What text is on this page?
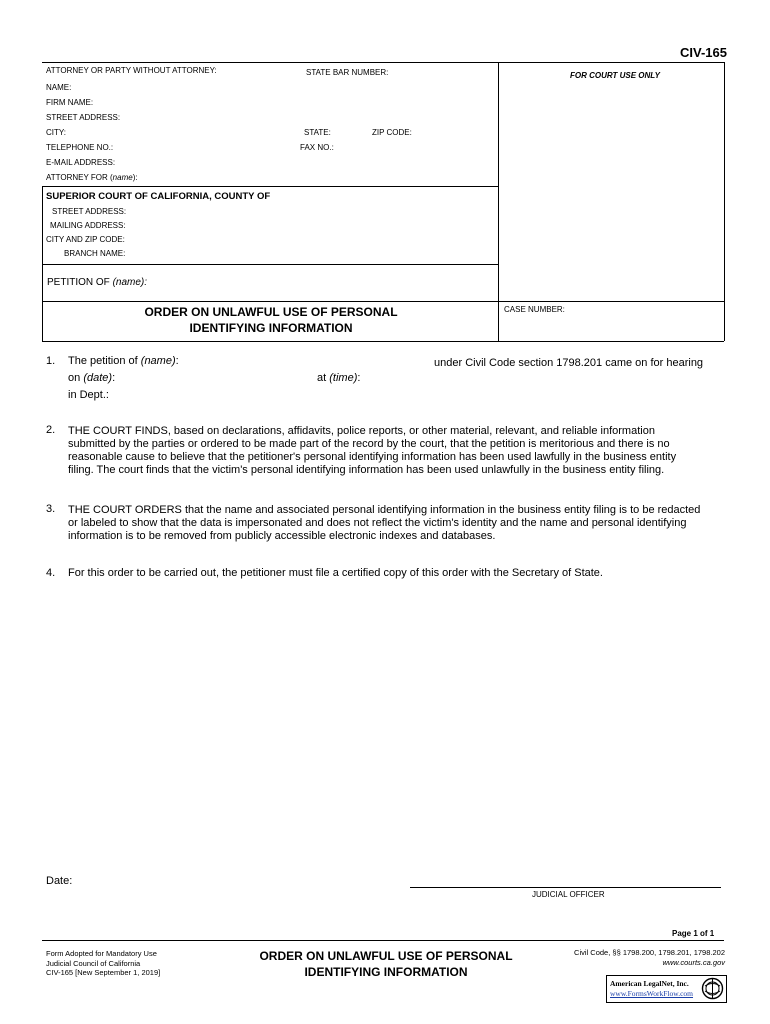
CIV-165
ATTORNEY OR PARTY WITHOUT ATTORNEY:	STATE BAR NUMBER:	FOR COURT USE ONLY
NAME:
FIRM NAME:
STREET ADDRESS:
CITY:	STATE:	ZIP CODE:
TELEPHONE NO.:	FAX NO.:
E-MAIL ADDRESS:
ATTORNEY FOR (name):
SUPERIOR COURT OF CALIFORNIA, COUNTY OF
STREET ADDRESS:
MAILING ADDRESS:
CITY AND ZIP CODE:
BRANCH NAME:
PETITION OF (name):
ORDER ON UNLAWFUL USE OF PERSONAL
IDENTIFYING INFORMATION
CASE NUMBER:
1. The petition of (name):	under Civil Code section 1798.201 came on for hearing
on (date):	at (time):
in Dept.:
2. THE COURT FINDS, based on declarations, affidavits, police reports, or other material, relevant, and reliable information
submitted by the parties or ordered to be made part of the record by the court, that the petition is meritorious and there is no
reasonable cause to believe that the petitioner's personal identifying information has been used lawfully in the business entity
filing. The court finds that the victim's personal identifying information has been used unlawfully in the business entity filing.
3. THE COURT ORDERS that the name and associated personal identifying information in the business entity filing is to be redacted
or labeled to show that the data is impersonated and does not reflect the victim's identity and the name and personal identifying
information is to be removed from publicly accessible electronic indexes and databases.
4. For this order to be carried out, the petitioner must file a certified copy of this order with the Secretary of State.
Date:
JUDICIAL OFFICER
Page 1 of 1
Form Adopted for Mandatory Use
Judicial Council of California
CIV-165 [New September 1, 2019]
ORDER ON UNLAWFUL USE OF PERSONAL
IDENTIFYING INFORMATION
Civil Code, §§ 1798.200, 1798.201, 1798.202
www.courts.ca.gov
American LegalNet, Inc.
www.FormsWorkFlow.com
